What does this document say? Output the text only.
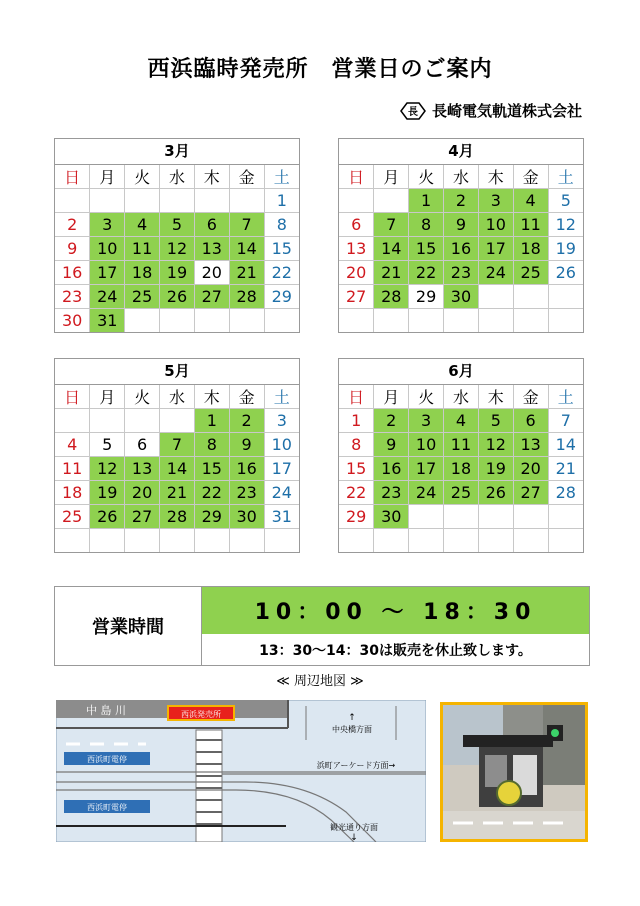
西浜臨時発売所　営業日のご案内
長 長崎電気軌道株式会社
3月
日	月	火	水	木	金	土
						1
2	3	4	5	6	7	8
9	10	11	12	13	14	15
16	17	18	19	20	21	22
23	24	25	26	27	28	29
30	31					
4月
日	月	火	水	木	金	土
		1	2	3	4	5
6	7	8	9	10	11	12
13	14	15	16	17	18	19
20	21	22	23	24	25	26
27	28	29	30			

5月
日	月	火	水	木	金	土
				1	2	3
4	5	6	7	8	9	10
11	12	13	14	15	16	17
18	19	20	21	22	23	24
25	26	27	28	29	30	31

6月
日	月	火	水	木	金	土
1	2	3	4	5	6	7
8	9	10	11	12	13	14
15	16	17	18	19	20	21
22	23	24	25	26	27	28
29	30					

営業時間
10：00 ～ 18：30
13：30～14：30は販売を休止致します。
≪ 周辺地図 ≫
中 島 川	西浜発売所
西浜町電停
西浜町電停
↑
中央橋方面
浜町アーケード方面→
観光通り方面
↓
